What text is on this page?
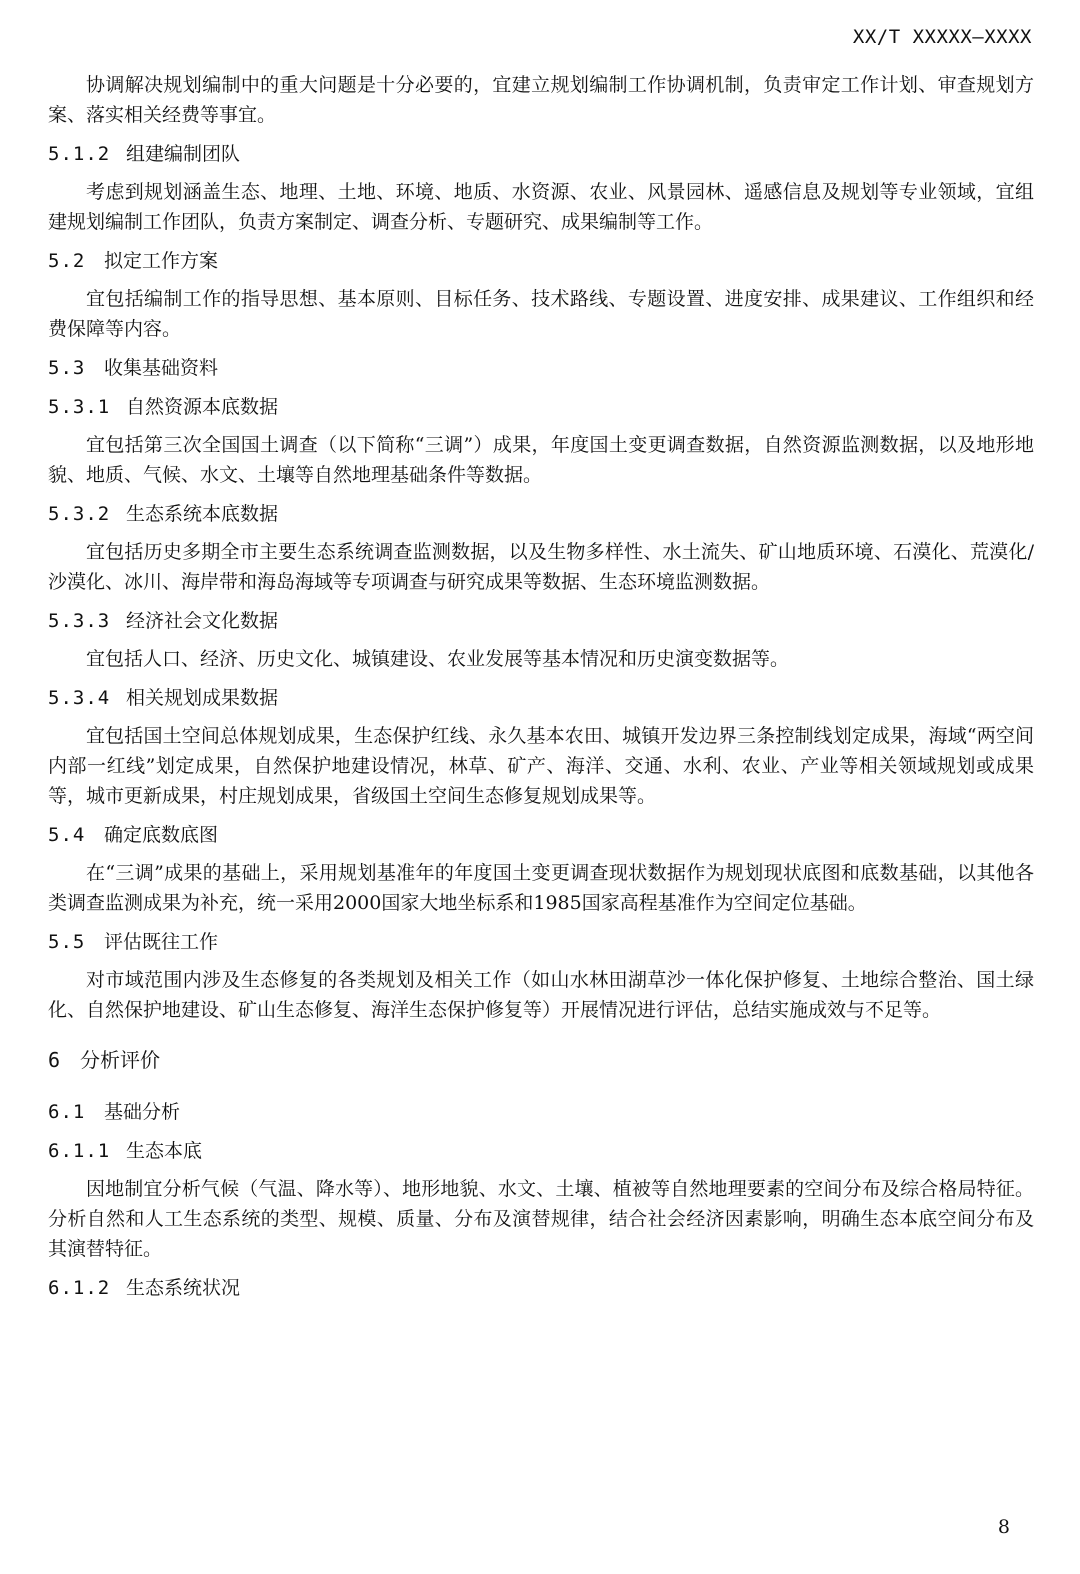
XX/T XXXXX—XXXX

协调解决规划编制中的重大问题是十分必要的，宜建立规划编制工作协调机制，负责审定工作计划、审查规划方案、落实相关经费等事宜。

5.1.2 组建编制团队

考虑到规划涵盖生态、地理、土地、环境、地质、水资源、农业、风景园林、遥感信息及规划等专业领域，宜组建规划编制工作团队，负责方案制定、调查分析、专题研究、成果编制等工作。

5.2 拟定工作方案

宜包括编制工作的指导思想、基本原则、目标任务、技术路线、专题设置、进度安排、成果建议、工作组织和经费保障等内容。

5.3 收集基础资料
5.3.1 自然资源本底数据

宜包括第三次全国国土调查（以下简称“三调”）成果，年度国土变更调查数据，自然资源监测数据，以及地形地貌、地质、气候、水文、土壤等自然地理基础条件等数据。

5.3.2 生态系统本底数据

宜包括历史多期全市主要生态系统调查监测数据，以及生物多样性、水土流失、矿山地质环境、石漠化、荒漠化/沙漠化、冰川、海岸带和海岛海域等专项调查与研究成果等数据、生态环境监测数据。

5.3.3 经济社会文化数据

宜包括人口、经济、历史文化、城镇建设、农业发展等基本情况和历史演变数据等。

5.3.4 相关规划成果数据

宜包括国土空间总体规划成果，生态保护红线、永久基本农田、城镇开发边界三条控制线划定成果，海域“两空间内部一红线”划定成果，自然保护地建设情况，林草、矿产、海洋、交通、水利、农业、产业等相关领域规划或成果等，城市更新成果，村庄规划成果，省级国土空间生态修复规划成果等。

5.4 确定底数底图

在“三调”成果的基础上，采用规划基准年的年度国土变更调查现状数据作为规划现状底图和底数基础，以其他各类调查监测成果为补充，统一采用2000国家大地坐标系和1985国家高程基准作为空间定位基础。

5.5 评估既往工作

对市域范围内涉及生态修复的各类规划及相关工作（如山水林田湖草沙一体化保护修复、土地综合整治、国土绿化、自然保护地建设、矿山生态修复、海洋生态保护修复等）开展情况进行评估，总结实施成效与不足等。

6 分析评价
6.1 基础分析
6.1.1 生态本底

因地制宜分析气候（气温、降水等）、地形地貌、水文、土壤、植被等自然地理要素的空间分布及综合格局特征。分析自然和人工生态系统的类型、规模、质量、分布及演替规律，结合社会经济因素影响，明确生态本底空间分布及其演替特征。

6.1.2 生态系统状况
8
